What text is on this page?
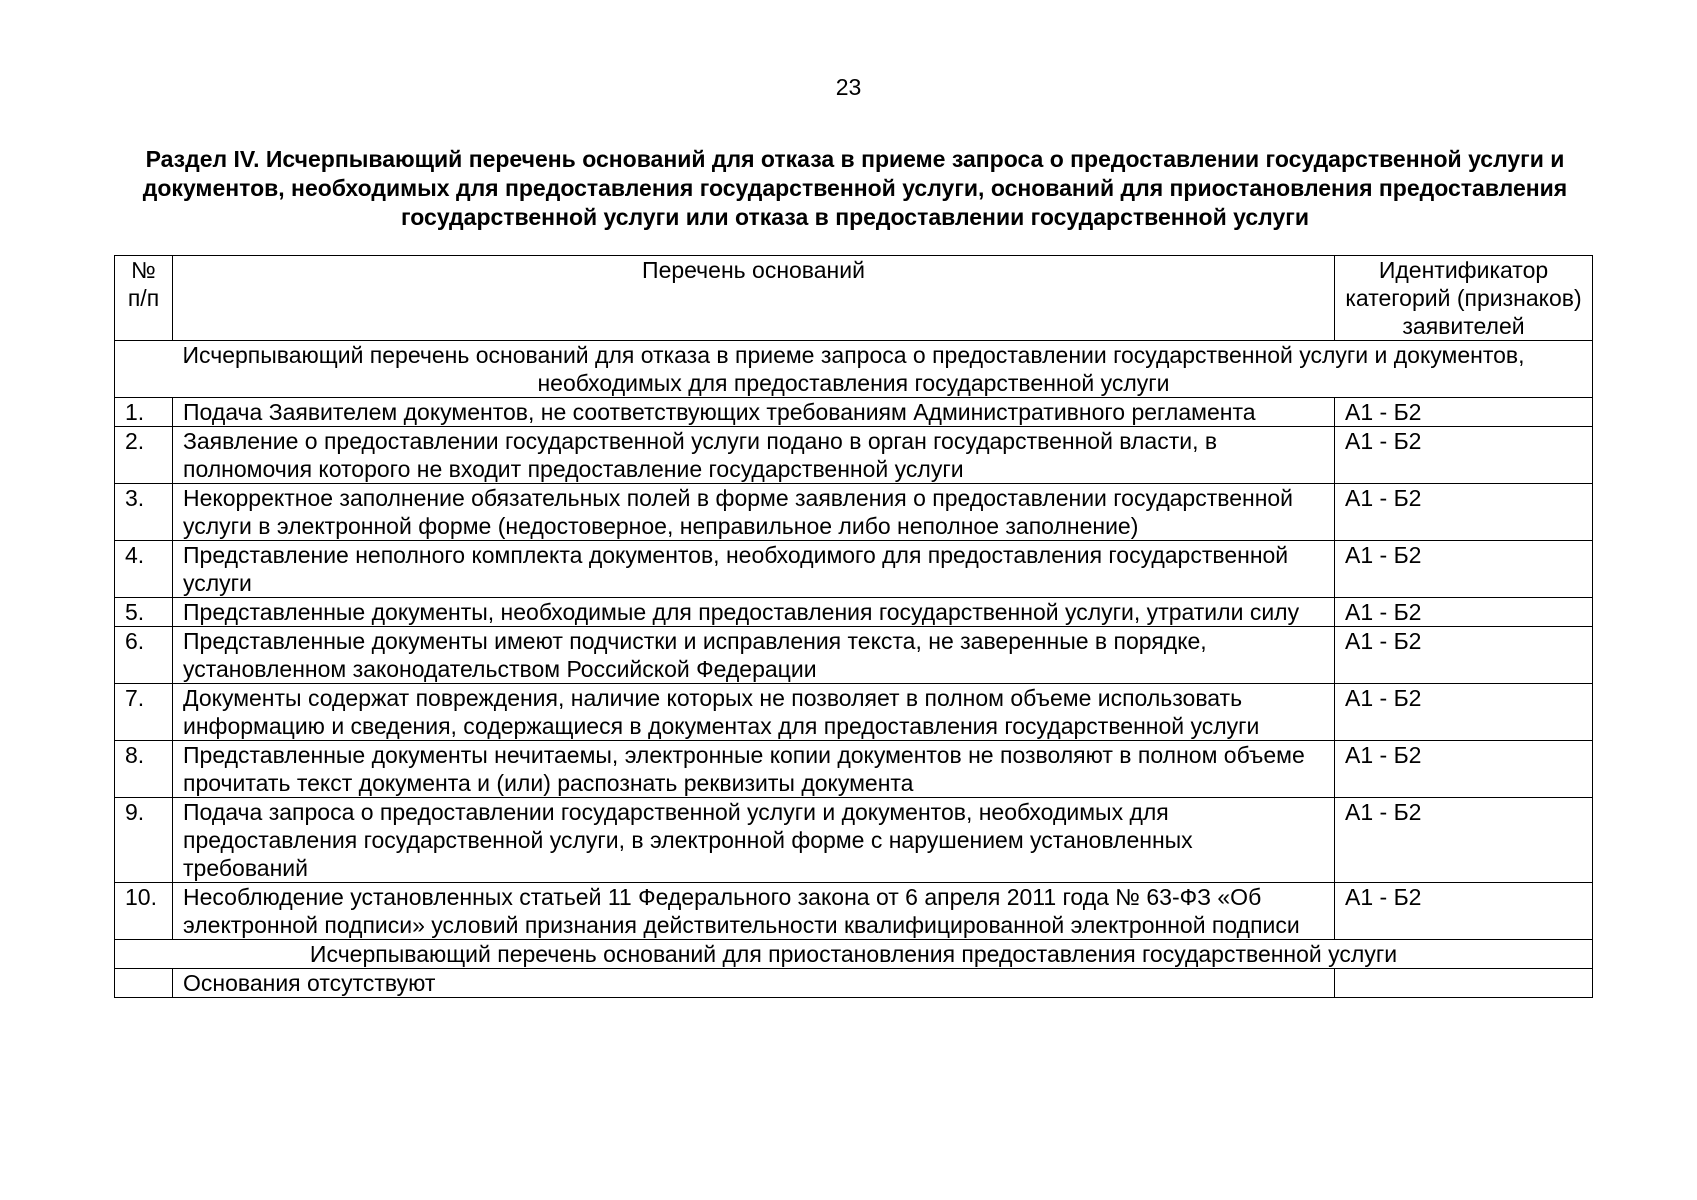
23
Раздел IV. Исчерпывающий перечень оснований для отказа в приеме запроса о предоставлении государственной услуги и документов, необходимых для предоставления государственной услуги, оснований для приостановления предоставления государственной услуги или отказа в предоставлении государственной услуги
№ п/п	Перечень оснований	Идентификатор категорий (признаков) заявителей
Исчерпывающий перечень оснований для отказа в приеме запроса о предоставлении государственной услуги и документов, необходимых для предоставления государственной услуги		
1.	Подача Заявителем документов, не соответствующих требованиям Административного регламента	А1 - Б2
2.	Заявление о предоставлении государственной услуги подано в орган государственной власти, в полномочия которого не входит предоставление государственной услуги	А1 - Б2
3.	Некорректное заполнение обязательных полей в форме заявления о предоставлении государственной услуги в электронной форме (недостоверное, неправильное либо неполное заполнение)	А1 - Б2
4.	Представление неполного комплекта документов, необходимого для предоставления государственной услуги	А1 - Б2
5.	Представленные документы, необходимые для предоставления государственной услуги, утратили силу	А1 - Б2
6.	Представленные документы имеют подчистки и исправления текста, не заверенные в порядке, установленном законодательством Российской Федерации	А1 - Б2
7.	Документы содержат повреждения, наличие которых не позволяет в полном объеме использовать информацию и сведения, содержащиеся в документах для предоставления государственной услуги	А1 - Б2
8.	Представленные документы нечитаемы, электронные копии документов не позволяют в полном объеме прочитать текст документа и (или) распознать реквизиты документа	А1 - Б2
9.	Подача запроса о предоставлении государственной услуги и документов, необходимых для предоставления государственной услуги, в электронной форме с нарушением установленных требований	А1 - Б2
10.	Несоблюдение установленных статьей 11 Федерального закона от 6 апреля 2011 года № 63-ФЗ «Об электронной подписи» условий признания действительности квалифицированной электронной подписи	А1 - Б2
Исчерпывающий перечень оснований для приостановления предоставления государственной услуги		
	Основания отсутствуют	
